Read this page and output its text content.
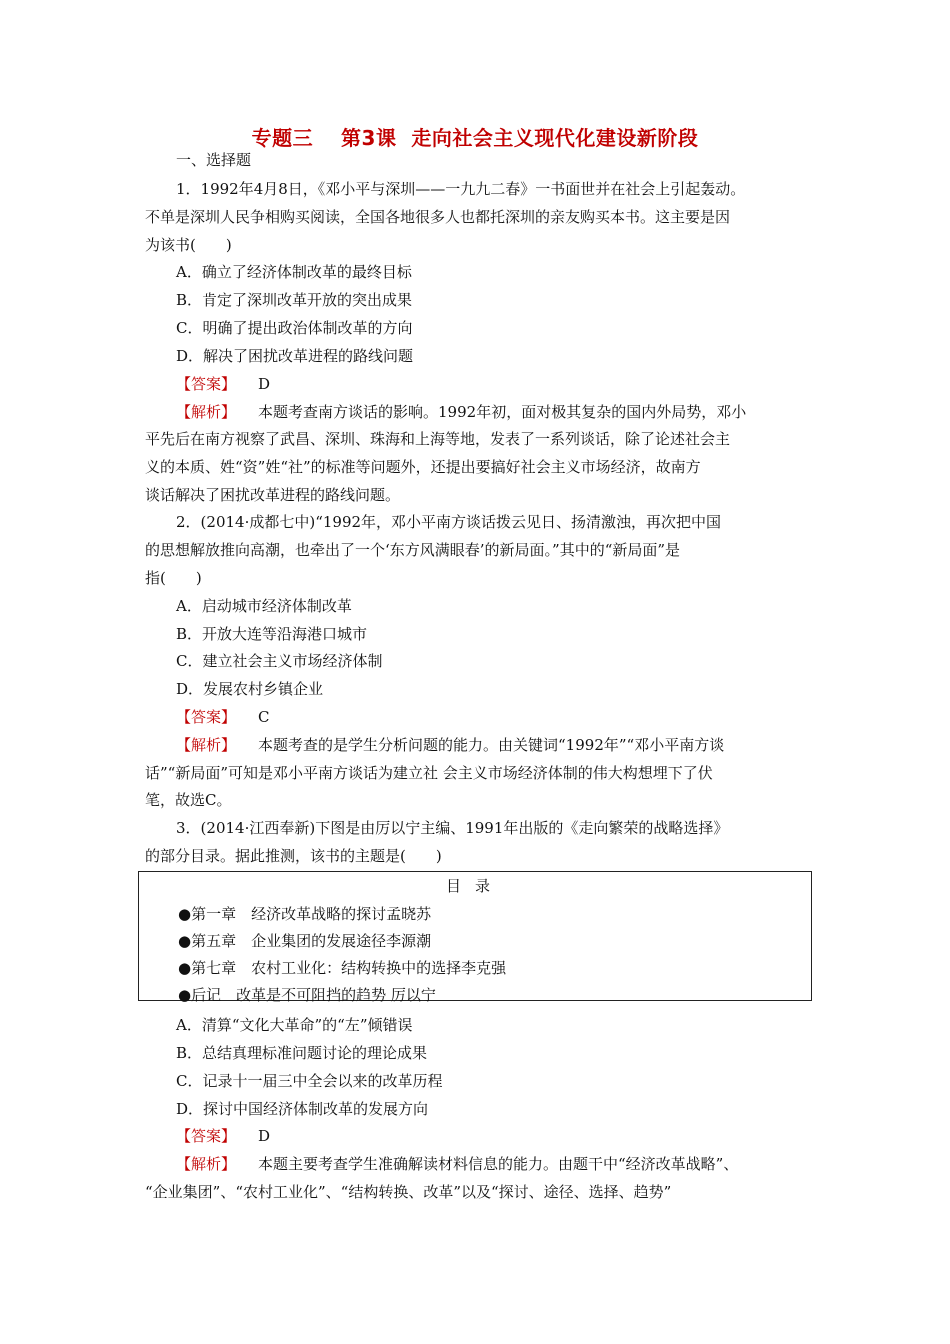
专题三　 第3课  走向社会主义现代化建设新阶段
一、选择题
1．1992年4月8日，《邓小平与深圳——一九九二春》一书面世并在社会上引起轰动。
不单是深圳人民争相购买阅读，全国各地很多人也都托深圳的亲友购买本书。这主要是因
为该书(　　)
A．确立了经济体制改革的最终目标
B．肯定了深圳改革开放的突出成果
C．明确了提出政治体制改革的方向
D．解决了困扰改革进程的路线问题
【答案】 D
【解析】 本题考查南方谈话的影响。1992年初，面对极其复杂的国内外局势，邓小
平先后在南方视察了武昌、深圳、珠海和上海等地，发表了一系列谈话，除了论述社会主
义的本质、姓“资”姓“社”的标准等问题外，还提出要搞好社会主义市场经济，故南方
谈话解决了困扰改革进程的路线问题。
2．(2014·成都七中)“1992年，邓小平南方谈话拨云见日、扬清激浊，再次把中国
的思想解放推向高潮，也牵出了一个‘东方风满眼春’的新局面。”其中的“新局面”是
指(　　)
A．启动城市经济体制改革
B．开放大连等沿海港口城市
C．建立社会主义市场经济体制
D．发展农村乡镇企业
【答案】 C
【解析】 本题考查的是学生分析问题的能力。由关键词“1992年”“邓小平南方谈
话”“新局面”可知是邓小平南方谈话为建立社 会主义市场经济体制的伟大构想埋下了伏
笔，故选C。
3．(2014·江西奉新)下图是由厉以宁主编、1991年出版的《走向繁荣的战略选择》
的部分目录。据此推测，该书的主题是(　　)
目录
●第一章　经济改革战略的探讨孟晓苏
●第五章　企业集团的发展途径李源潮
●第七章　农村工业化：结构转换中的选择李克强
●后记　改革是不可阻挡的趋势 厉以宁
A．清算“文化大革命”的“左”倾错误
B．总结真理标准问题讨论的理论成果
C．记录十一届三中全会以来的改革历程
D．探讨中国经济体制改革的发展方向
【答案】 D
【解析】 本题主要考查学生准确解读材料信息的能力。由题干中“经济改革战略”、
“企业集团”、“农村工业化”、“结构转换、改革”以及“探讨、途径、选择、趋势”
